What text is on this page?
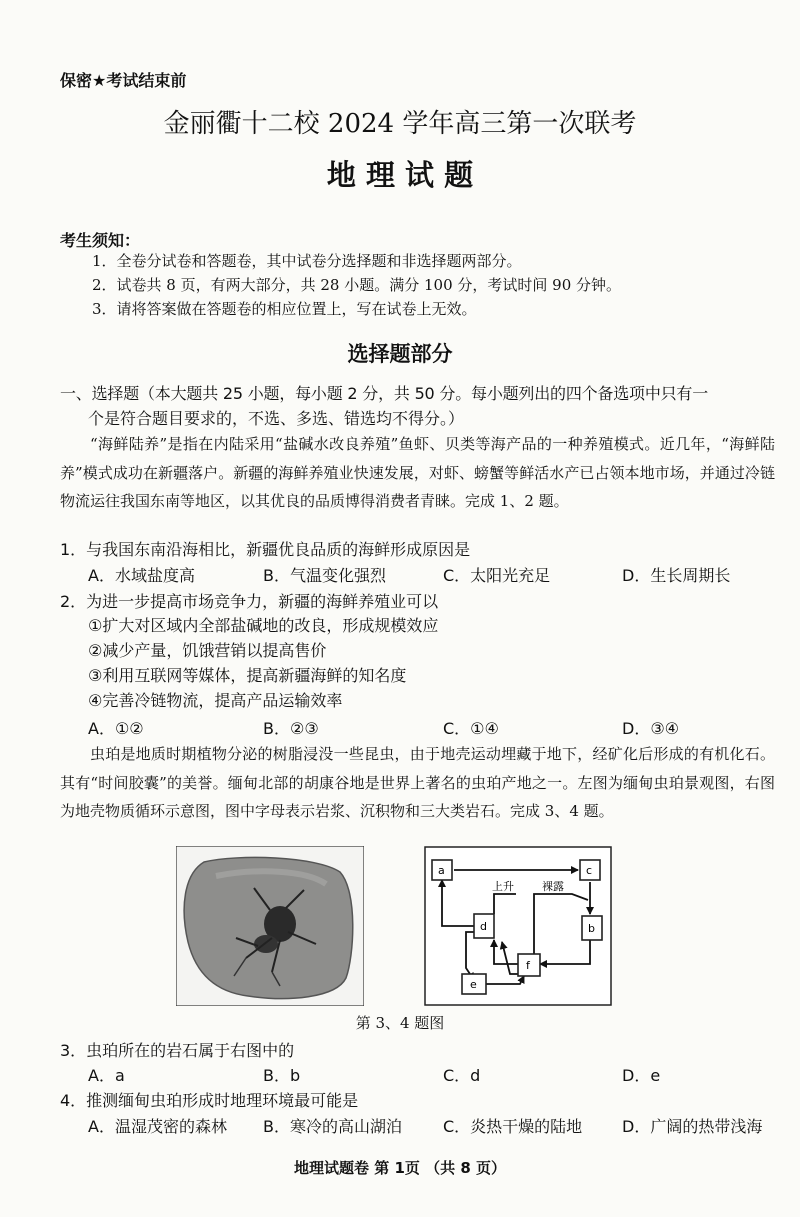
保密★考试结束前
金丽衢十二校 2024 学年高三第一次联考
地 理 试 题
考生须知：
1．全卷分试卷和答题卷，其中试卷分选择题和非选择题两部分。
2．试卷共 8 页，有两大部分，共 28 小题。满分 100 分，考试时间 90 分钟。
3．请将答案做在答题卷的相应位置上，写在试卷上无效。
选择题部分
一、选择题（本大题共 25 小题，每小题 2 分，共 50 分。每小题列出的四个备选项中只有一
个是符合题目要求的，不选、多选、错选均不得分。）
“海鲜陆养”是指在内陆采用“盐碱水改良养殖”鱼虾、贝类等海产品的一种养殖模式。近几年，“海鲜陆养”模式成功在新疆落户。新疆的海鲜养殖业快速发展，对虾、螃蟹等鲜活水产已占领本地市场，并通过冷链物流运往我国东南等地区，以其优良的品质博得消费者青睐。完成 1、2 题。
1．与我国东南沿海相比，新疆优良品质的海鲜形成原因是
A．水域盐度高	B．气温变化强烈	C．太阳光充足	D．生长周期长
2．为进一步提高市场竞争力，新疆的海鲜养殖业可以
①扩大对区域内全部盐碱地的改良，形成规模效应
②减少产量，饥饿营销以提高售价
③利用互联网等媒体，提高新疆海鲜的知名度
④完善冷链物流，提高产品运输效率
A．①②	B．②③	C．①④	D．③④
虫珀是地质时期植物分泌的树脂浸没一些昆虫，由于地壳运动埋藏于地下，经矿化后形成的有机化石。其有“时间胶囊”的美誉。缅甸北部的胡康谷地是世界上著名的虫珀产地之一。左图为缅甸虫珀景观图，右图为地壳物质循环示意图，图中字母表示岩浆、沉积物和三大类岩石。完成 3、4 题。
上升	裸露
a	c
d	b
f
e
第 3、4 题图
3．虫珀所在的岩石属于右图中的
A．a	B．b	C．d	D．e
4．推测缅甸虫珀形成时地理环境最可能是
A．温湿茂密的森林 B．寒冷的高山湖泊	C．炎热干燥的陆地 D．广阔的热带浅海
地理试题卷 第 1页 （共 8 页）
